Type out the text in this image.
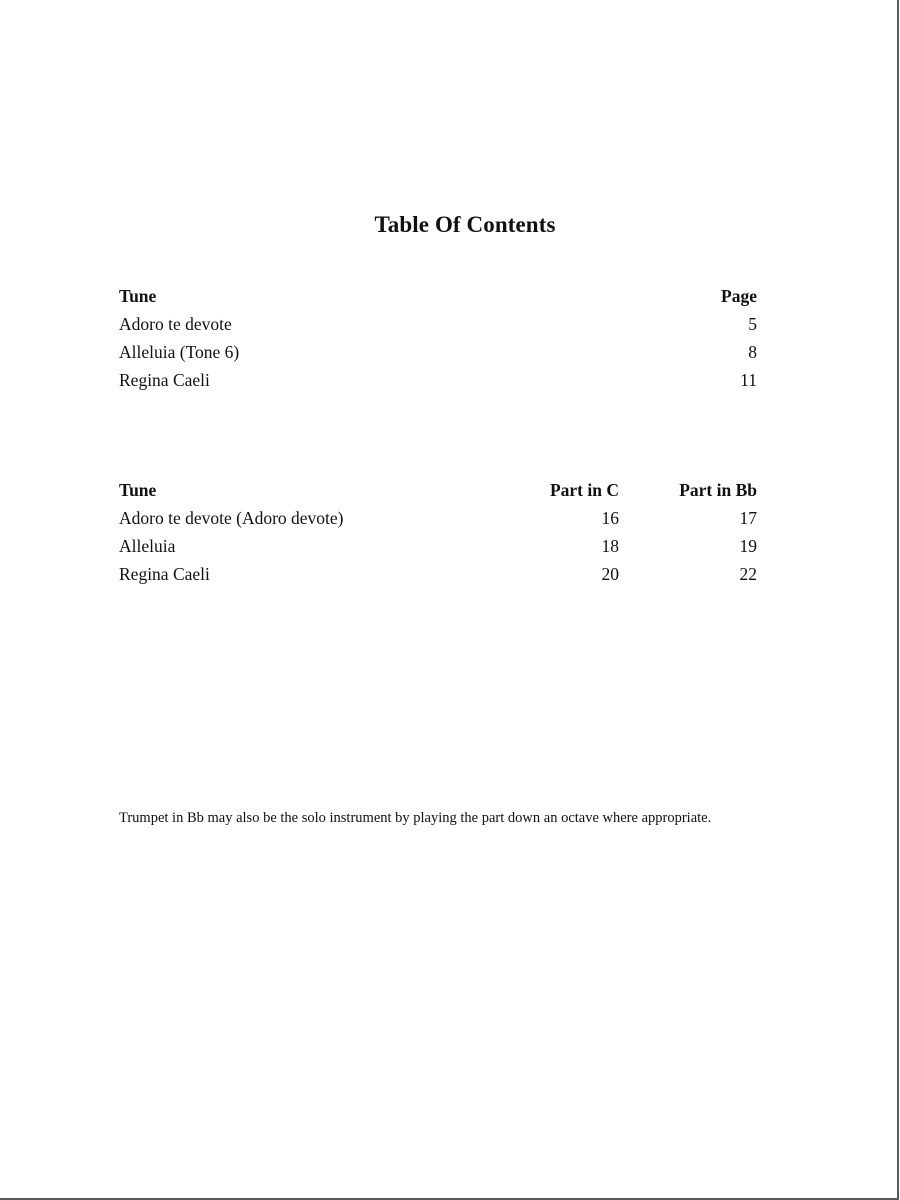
Table Of Contents
Tune	Page
Adoro te devote	5
Alleluia (Tone 6)	8
Regina Caeli	11
Tune	Part in C	Part in Bb
Adoro te devote (Adoro devote)	16	17
Alleluia	18	19
Regina Caeli	20	22
Trumpet in Bb may also be the solo instrument by playing the part down an octave where appropriate.
